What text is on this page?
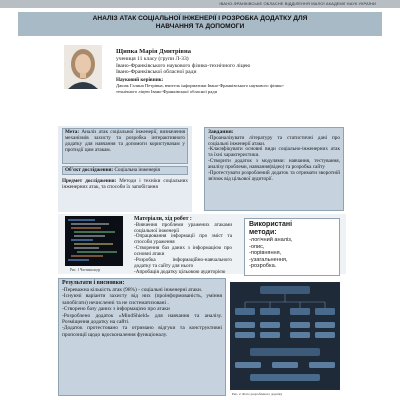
ІВАНО-ФРАНКІВСЬКЕ ОБЛАСНЕ ВІДДІЛЕННЯ МАЛОЇ АКАДЕМІЇ НАУК УКРАЇНИ
АНАЛІЗ АТАК СОЦІАЛЬНОЇ ІНЖЕНЕРІЇ І РОЗРОБКА ДОДАТКУ ДЛЯ
НАВЧАННЯ ТА ДОПОМОГИ
Щипка Марія Дмитрівна
учениця 11 класу (групи Л-33)
Івано-Франківського наукового фізико-технічного ліцею
Івано-Франківської обласної ради
Науковий керівник:
Джоак Галина Петрівна, вчитель інформатики Івано-Франківського наукового фізико-
технічного ліцею Івано-Франківської обласної ради
Мета: Аналіз атак соціальної інженерії, визначення механізмів захисту та розробка інтерактивного додатку для навчання та допомоги користувачам у протидії цим атакам.
Об'єкт дослідження: Соціальна інженерія
Предмет дослідження: Методи і техніки соціальних інженерних атак, та способи їх запобігання
Завдання:
-Проаналізувати літературу та статистичні дані про соціальні інженерії атаки.
-Класифікувати основні види соціально-інженерних атак та їхні характеристики.
-Створити додаток з модулями: навчання, тестування, аналізу проблеми, навчання(відео) та розробка сайту
-Протестувати розроблений додаток та отримати зворотній зв'язок від цільової аудиторії.
Рис. 1 Частина коду
Матеріали, хід робот :
-Вивчення проблеми уражених атаками соціальної інженерії
-Опрацювання інформації про зміст та способи ураження
-Створення баз даних з інформацією про основні атаки
-Розробка інформаційно-навчального додатку та сайту для нього
-Апробація додатку цільовою аудиторією
Використані
методи:
-логічний аналіз,
-опис,
-порівняння,
-узагальнення,
-розробка.
Результати і висновки:
-Переважна кількість атак (98%) - соціальні інженерні атаки.
-Існуючі варіанти захисту від них (проінформованість, уміння запобігати) нечисленні та не систематизовані .
-Створено базу даних з інформацією про атаки
-Розроблено додаток «MindShield» для навчання та аналізу. Розміщення додатку на сайті.
-Додаток протестовано та отримано відгуки та конструктивні пропозиції щодо вдосконалення функціоналу.
Рис. 2. Фото розробленого додатку
